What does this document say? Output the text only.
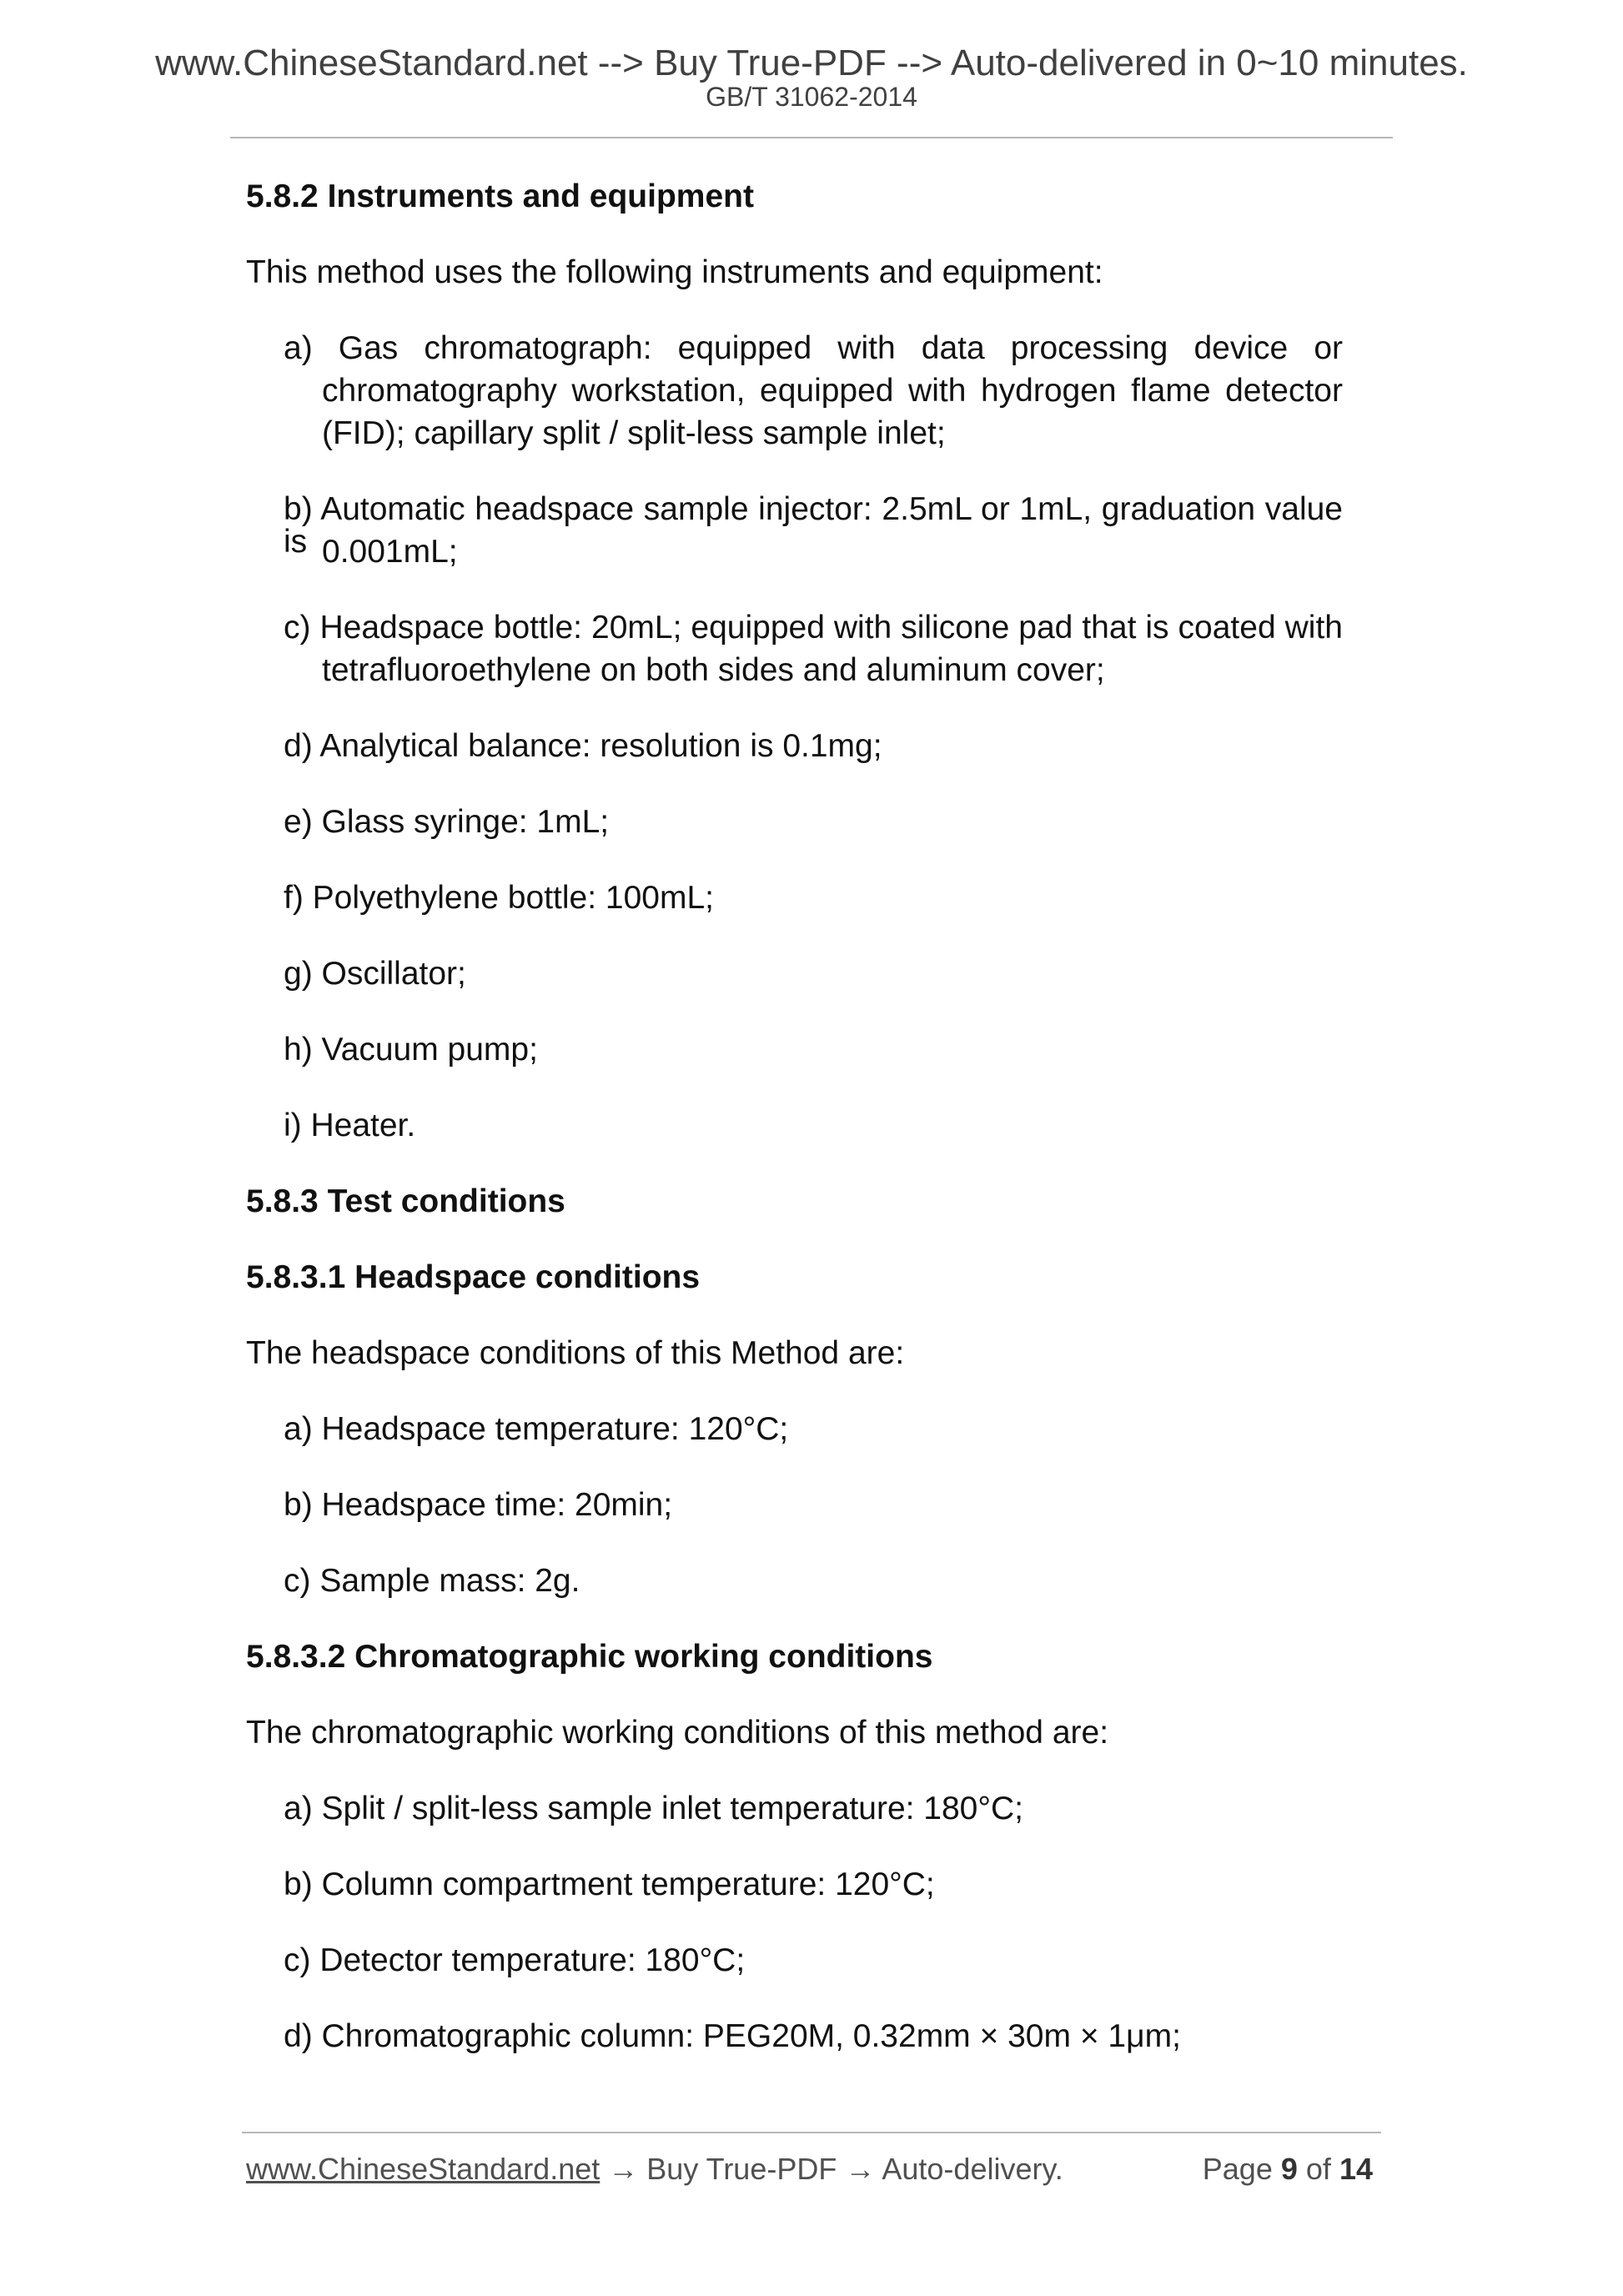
www.ChineseStandard.net --> Buy True-PDF --> Auto-delivered in 0~10 minutes.
GB/T 31062-2014
5.8.2 Instruments and equipment
This method uses the following instruments and equipment:
a) Gas chromatograph: equipped with data processing device or
chromatography workstation, equipped with hydrogen flame detector
(FID); capillary split / split-less sample inlet;
b) Automatic headspace sample injector: 2.5mL or 1mL, graduation value is 0.001mL;
c) Headspace bottle: 20mL; equipped with silicone pad that is coated with
tetrafluoroethylene on both sides and aluminum cover;
d) Analytical balance: resolution is 0.1mg;
e) Glass syringe: 1mL;
f) Polyethylene bottle: 100mL;
g) Oscillator;
h) Vacuum pump;
i) Heater.
5.8.3 Test conditions
5.8.3.1 Headspace conditions
The headspace conditions of this Method are:
a) Headspace temperature: 120°C;
b) Headspace time: 20min;
c) Sample mass: 2g.
5.8.3.2 Chromatographic working conditions
The chromatographic working conditions of this method are:
a) Split / split-less sample inlet temperature: 180°C;
b) Column compartment temperature: 120°C;
c) Detector temperature: 180°C;
d) Chromatographic column: PEG20M, 0.32mm × 30m × 1μm;
www.ChineseStandard.net → Buy True-PDF → Auto-delivery.	Page 9 of 14
